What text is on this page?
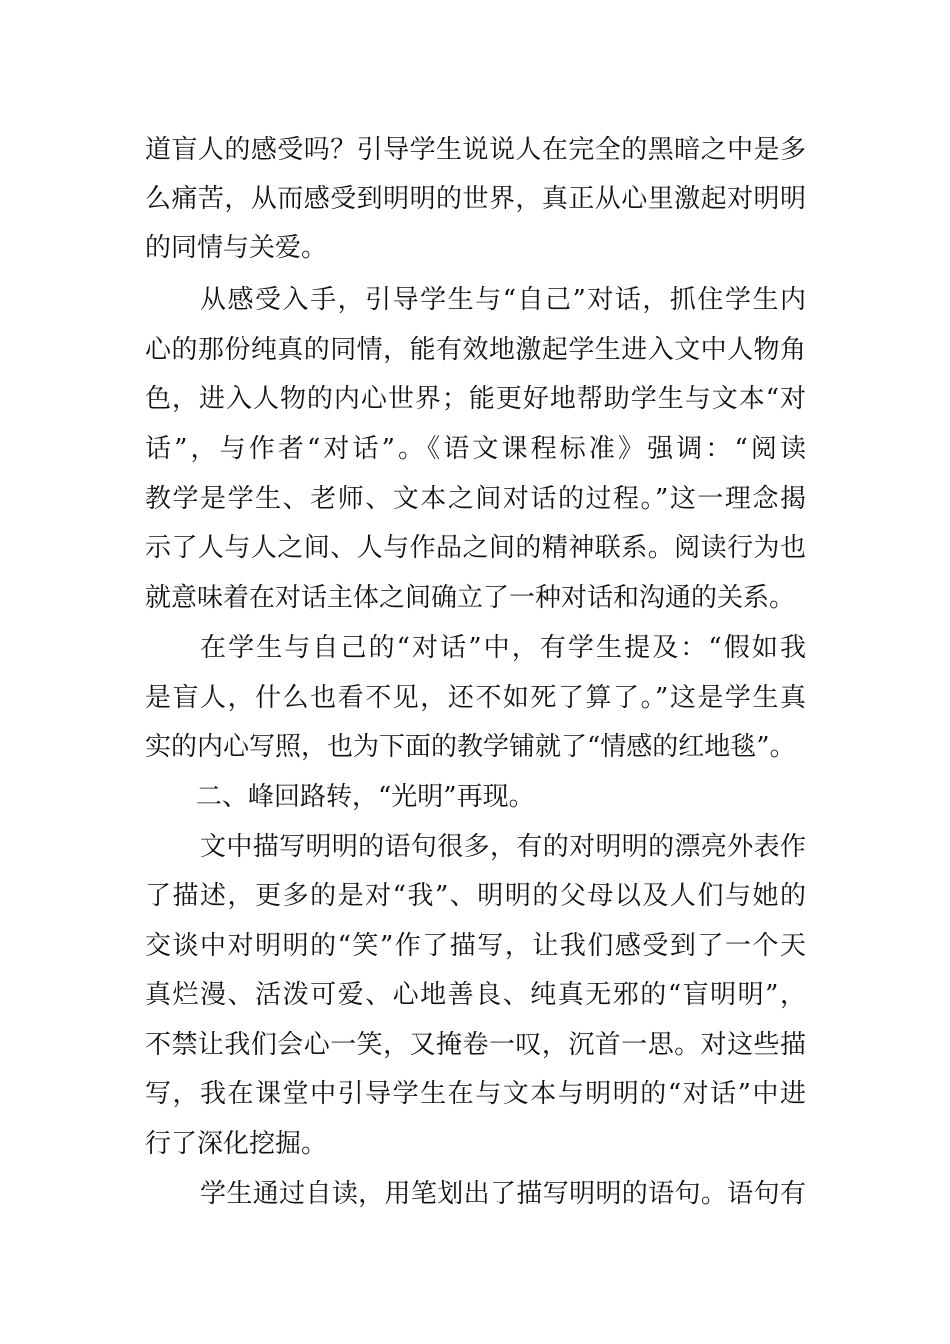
道盲人的感受吗？引导学生说说人在完全的黑暗之中是多
么痛苦，从而感受到明明的世界，真正从心里激起对明明
的同情与关爱。
从感受入手，引导学生与“自己”对话，抓住学生内
心的那份纯真的同情，能有效地激起学生进入文中人物角
色，进入人物的内心世界；能更好地帮助学生与文本“对
话”，与作者“对话”。《语文课程标准》强调：“阅读
教学是学生、老师、文本之间对话的过程。”这一理念揭
示了人与人之间、人与作品之间的精神联系。阅读行为也
就意味着在对话主体之间确立了一种对话和沟通的关系。
在学生与自己的“对话”中，有学生提及：“假如我
是盲人，什么也看不见，还不如死了算了。”这是学生真
实的内心写照，也为下面的教学铺就了“情感的红地毯”。
二、峰回路转，“光明”再现。
文中描写明明的语句很多，有的对明明的漂亮外表作
了描述，更多的是对“我”、明明的父母以及人们与她的
交谈中对明明的“笑”作了描写，让我们感受到了一个天
真烂漫、活泼可爱、心地善良、纯真无邪的“盲明明”，
不禁让我们会心一笑，又掩卷一叹，沉首一思。对这些描
写，我在课堂中引导学生在与文本与明明的“对话”中进
行了深化挖掘。
学生通过自读，用笔划出了描写明明的语句。语句有
